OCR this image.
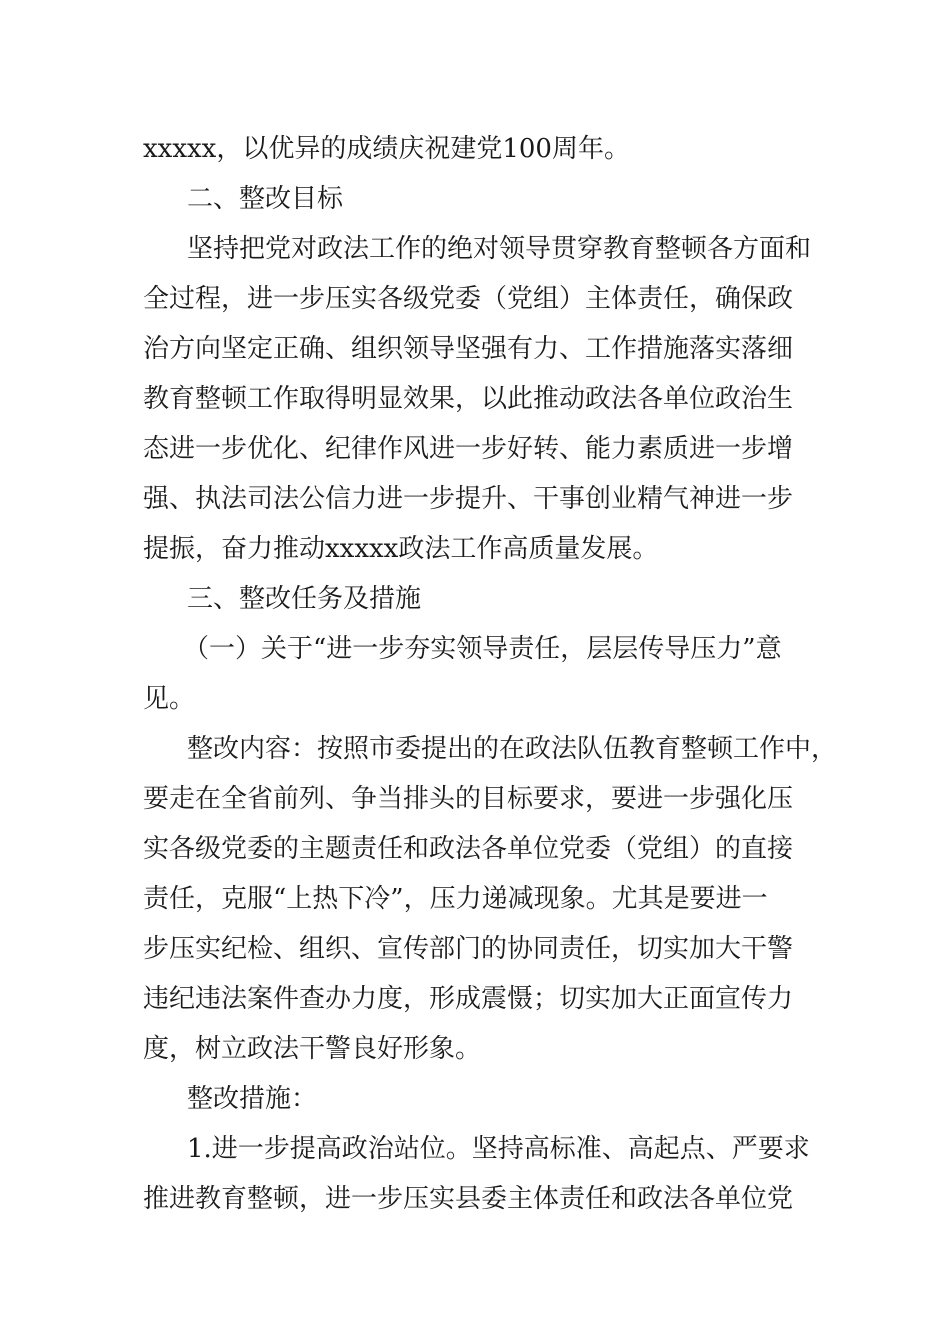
xxxxx，以优异的成绩庆祝建党100周年。
二、整改目标
坚持把党对政法工作的绝对领导贯穿教育整顿各方面和
全过程，进一步压实各级党委（党组）主体责任，确保政
治方向坚定正确、组织领导坚强有力、工作措施落实落细
教育整顿工作取得明显效果，以此推动政法各单位政治生
态进一步优化、纪律作风进一步好转、能力素质进一步增
强、执法司法公信力进一步提升、干事创业精气神进一步
提振，奋力推动xxxxx政法工作高质量发展。
三、整改任务及措施
（一）关于“进一步夯实领导责任，层层传导压力”意
见。
整改内容：按照市委提出的在政法队伍教育整顿工作中，
要走在全省前列、争当排头的目标要求，要进一步强化压
实各级党委的主题责任和政法各单位党委（党组）的直接
责任，克服“上热下冷”，压力递减现象。尤其是要进一
步压实纪检、组织、宣传部门的协同责任，切实加大干警
违纪违法案件查办力度，形成震慑；切实加大正面宣传力
度，树立政法干警良好形象。
整改措施：
1.进一步提高政治站位。坚持高标准、高起点、严要求
推进教育整顿，进一步压实县委主体责任和政法各单位党
